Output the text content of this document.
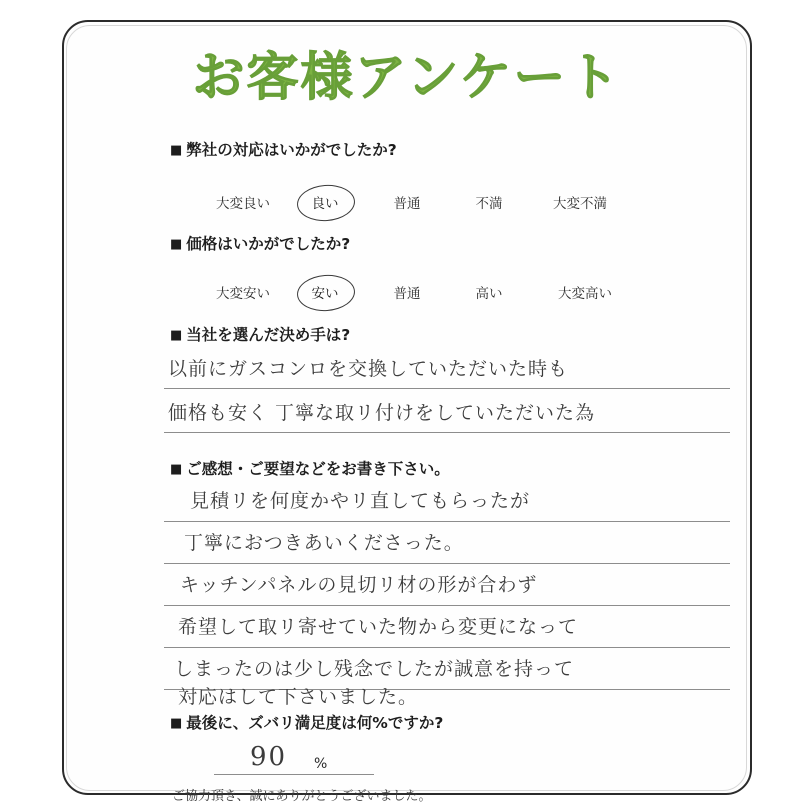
お客様アンケート
■ 弊社の対応はいかがでしたか?
大変良い	良い	普通	不満	大変不満
■ 価格はいかがでしたか?
大変安い	安い	普通	高い	大変高い
■ 当社を選んだ決め手は?
以前にガスコンロを交換していただいた時も
価格も安く 丁寧な取リ付けをしていただいた為
■ ご感想・ご要望などをお書き下さい。
見積リを何度かやリ直してもらったが
丁寧におつきあいくださった。
キッチンパネルの見切リ材の形が合わず
希望して取リ寄せていた物から変更になって
しまったのは少し残念でしたが誠意を持って
対応はして下さいました。
■ 最後に、ズバリ満足度は何%ですか?
90 %
ご協力頂き、誠にありがとうございました。
